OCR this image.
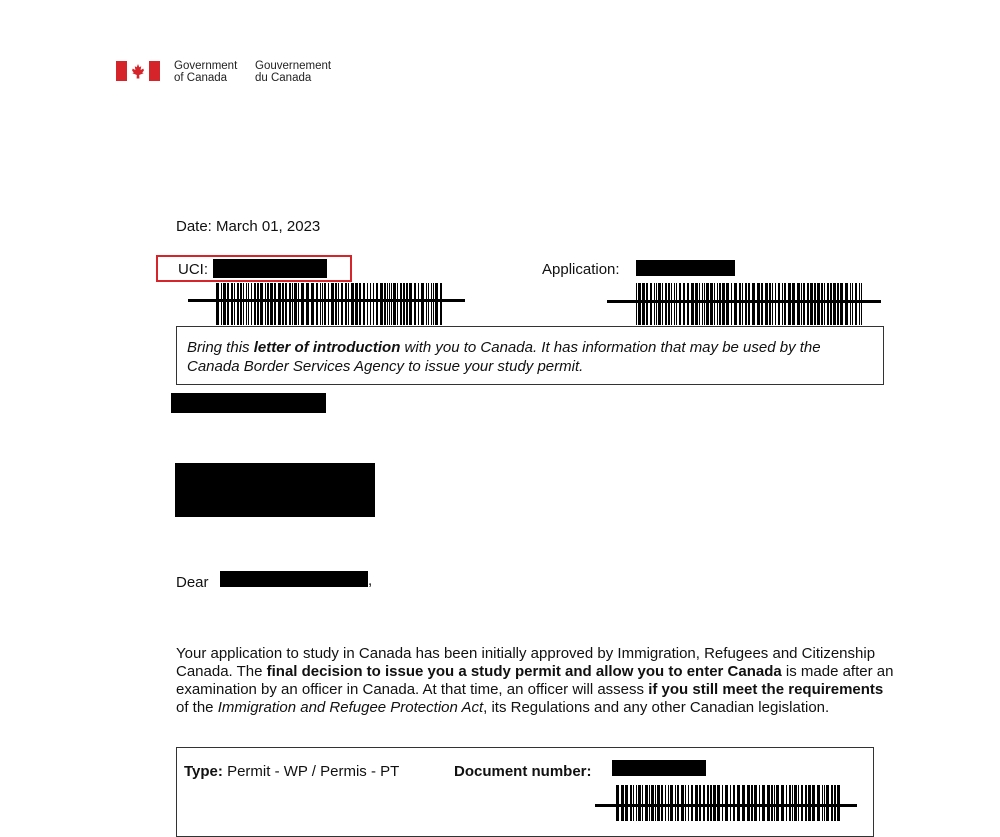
Government
of Canada
Gouvernement
du Canada
Date: March 01, 2023
UCI:	Application:
Bring this letter of introduction with you to Canada. It has information that may be used by the Canada Border Services Agency to issue your study permit.
Dear	,
Your application to study in Canada has been initially approved by Immigration, Refugees and Citizenship Canada. The final decision to issue you a study permit and allow you to enter Canada is made after an examination by an officer in Canada. At that time, an officer will assess if you still meet the requirements of the Immigration and Refugee Protection Act, its Regulations and any other Canadian legislation.
Type: Permit - WP / Permis - PT	Document number:
